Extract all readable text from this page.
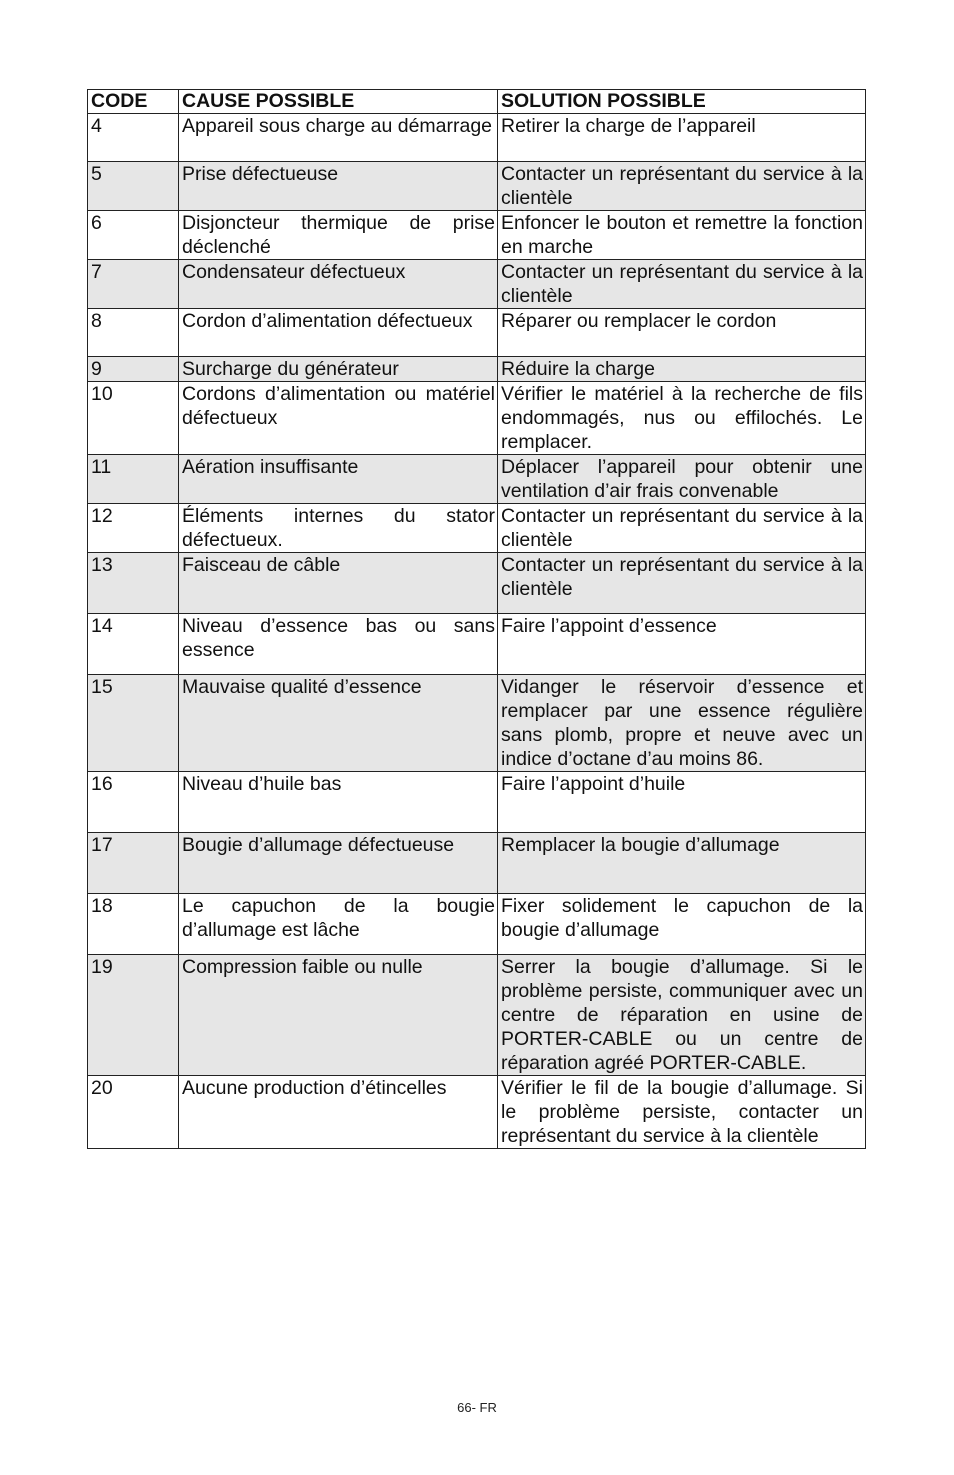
CODE	CAUSE POSSIBLE	SOLUTION POSSIBLE
4	Appareil sous charge au démarrage	Retirer la charge de l’appareil
5	Prise défectueuse	Contacter un représentant du service à la clientèle
6	Disjoncteur thermique de prise déclenché	Enfoncer le bouton et remettre la fonction en marche
7	Condensateur défectueux	Contacter un représentant du service à la clientèle
8	Cordon d’alimentation défectueux	Réparer ou remplacer le cordon
9	Surcharge du générateur	Réduire la charge
10	Cordons d’alimentation ou matériel défectueux	Vérifier le matériel à la recherche de fils endommagés, nus ou effilochés. Le remplacer.
11	Aération insuffisante	Déplacer l’appareil pour obtenir une ventilation d’air frais convenable
12	Éléments internes du stator défectueux.	Contacter un représentant du service à la clientèle
13	Faisceau de câble	Contacter un représentant du service à la clientèle
14	Niveau d’essence bas ou sans essence	Faire l’appoint d’essence
15	Mauvaise qualité d’essence	Vidanger le réservoir d’essence et remplacer par une essence régulière sans plomb, propre et neuve avec un indice d’octane d’au moins 86.
16	Niveau d’huile bas	Faire l’appoint d’huile
17	Bougie d’allumage défectueuse	Remplacer la bougie d’allumage
18	Le capuchon de la bougie d’allumage est lâche	Fixer solidement le capuchon de la bougie d’allumage
19	Compression faible ou nulle	Serrer la bougie d’allumage. Si le problème persiste, communiquer avec un centre de réparation en usine de PORTER-CABLE ou un centre de réparation agréé PORTER-CABLE.
20	Aucune production d’étincelles	Vérifier le fil de la bougie d’allumage. Si le problème persiste, contacter un représentant du service à la clientèle
66- FR
